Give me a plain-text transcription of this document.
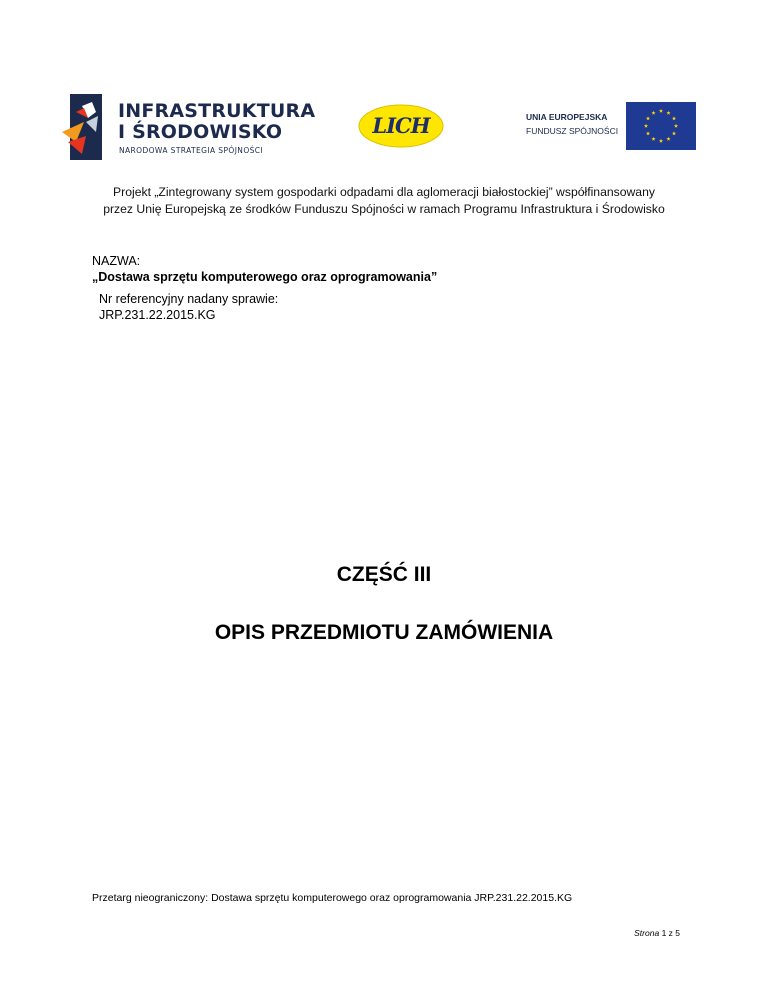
INFRASTRUKTURA
I ŚRODOWISKO
NARODOWA STRATEGIA SPÓJNOŚCI
LICH	UNIA EUROPEJSKA
FUNDUSZ SPÓJNOŚCI
Projekt „Zintegrowany system gospodarki odpadami dla aglomeracji białostockiej” współfinansowany
przez Unię Europejską ze środków Funduszu Spójności w ramach Programu Infrastruktura i Środowisko
NAZWA:
„Dostawa sprzętu komputerowego oraz oprogramowania”
Nr referencyjny nadany sprawie:
JRP.231.22.2015.KG
CZĘŚĆ III
OPIS PRZEDMIOTU ZAMÓWIENIA
Przetarg nieograniczony: Dostawa sprzętu komputerowego oraz oprogramowania JRP.231.22.2015.KG
Strona 1 z 5
